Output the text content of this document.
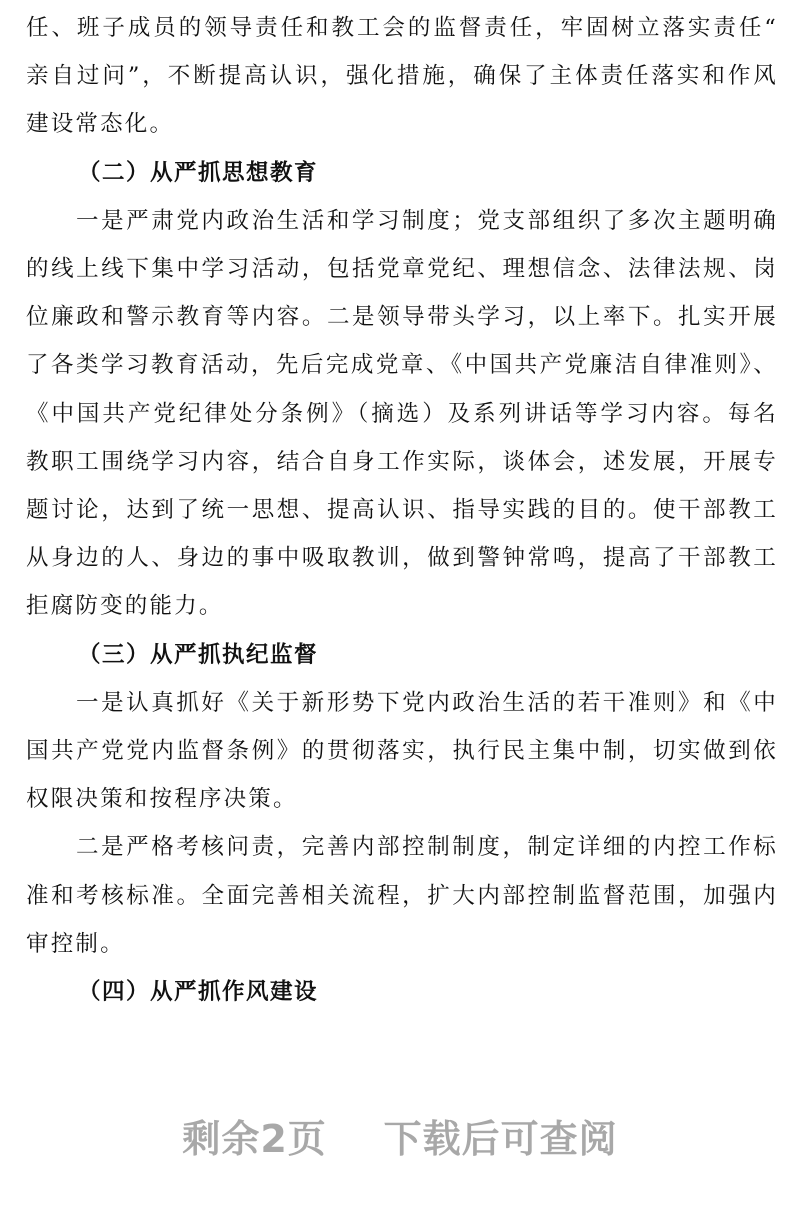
任、班子成员的领导责任和教工会的监督责任，牢固树立落实责任“亲自过问”，不断提高认识，强化措施，确保了主体责任落实和作风建设常态化。

（二）从严抓思想教育

一是严肃党内政治生活和学习制度；党支部组织了多次主题明确的线上线下集中学习活动，包括党章党纪、理想信念、法律法规、岗位廉政和警示教育等内容。二是领导带头学习，以上率下。扎实开展了各类学习教育活动，先后完成党章、《中国共产党廉洁自律准则》、《中国共产党纪律处分条例》（摘选）及系列讲话等学习内容。每名教职工围绕学习内容，结合自身工作实际，谈体会，述发展，开展专题讨论，达到了统一思想、提高认识、指导实践的目的。使干部教工从身边的人、身边的事中吸取教训，做到警钟常鸣，提高了干部教工拒腐防变的能力。

（三）从严抓执纪监督

一是认真抓好《关于新形势下党内政治生活的若干准则》和《中国共产党党内监督条例》的贯彻落实，执行民主集中制，切实做到依权限决策和按程序决策。

二是严格考核问责，完善内部控制制度，制定详细的内控工作标准和考核标准。全面完善相关流程，扩大内部控制监督范围，加强内审控制。

（四）从严抓作风建设

剩余2页    下载后可查阅
